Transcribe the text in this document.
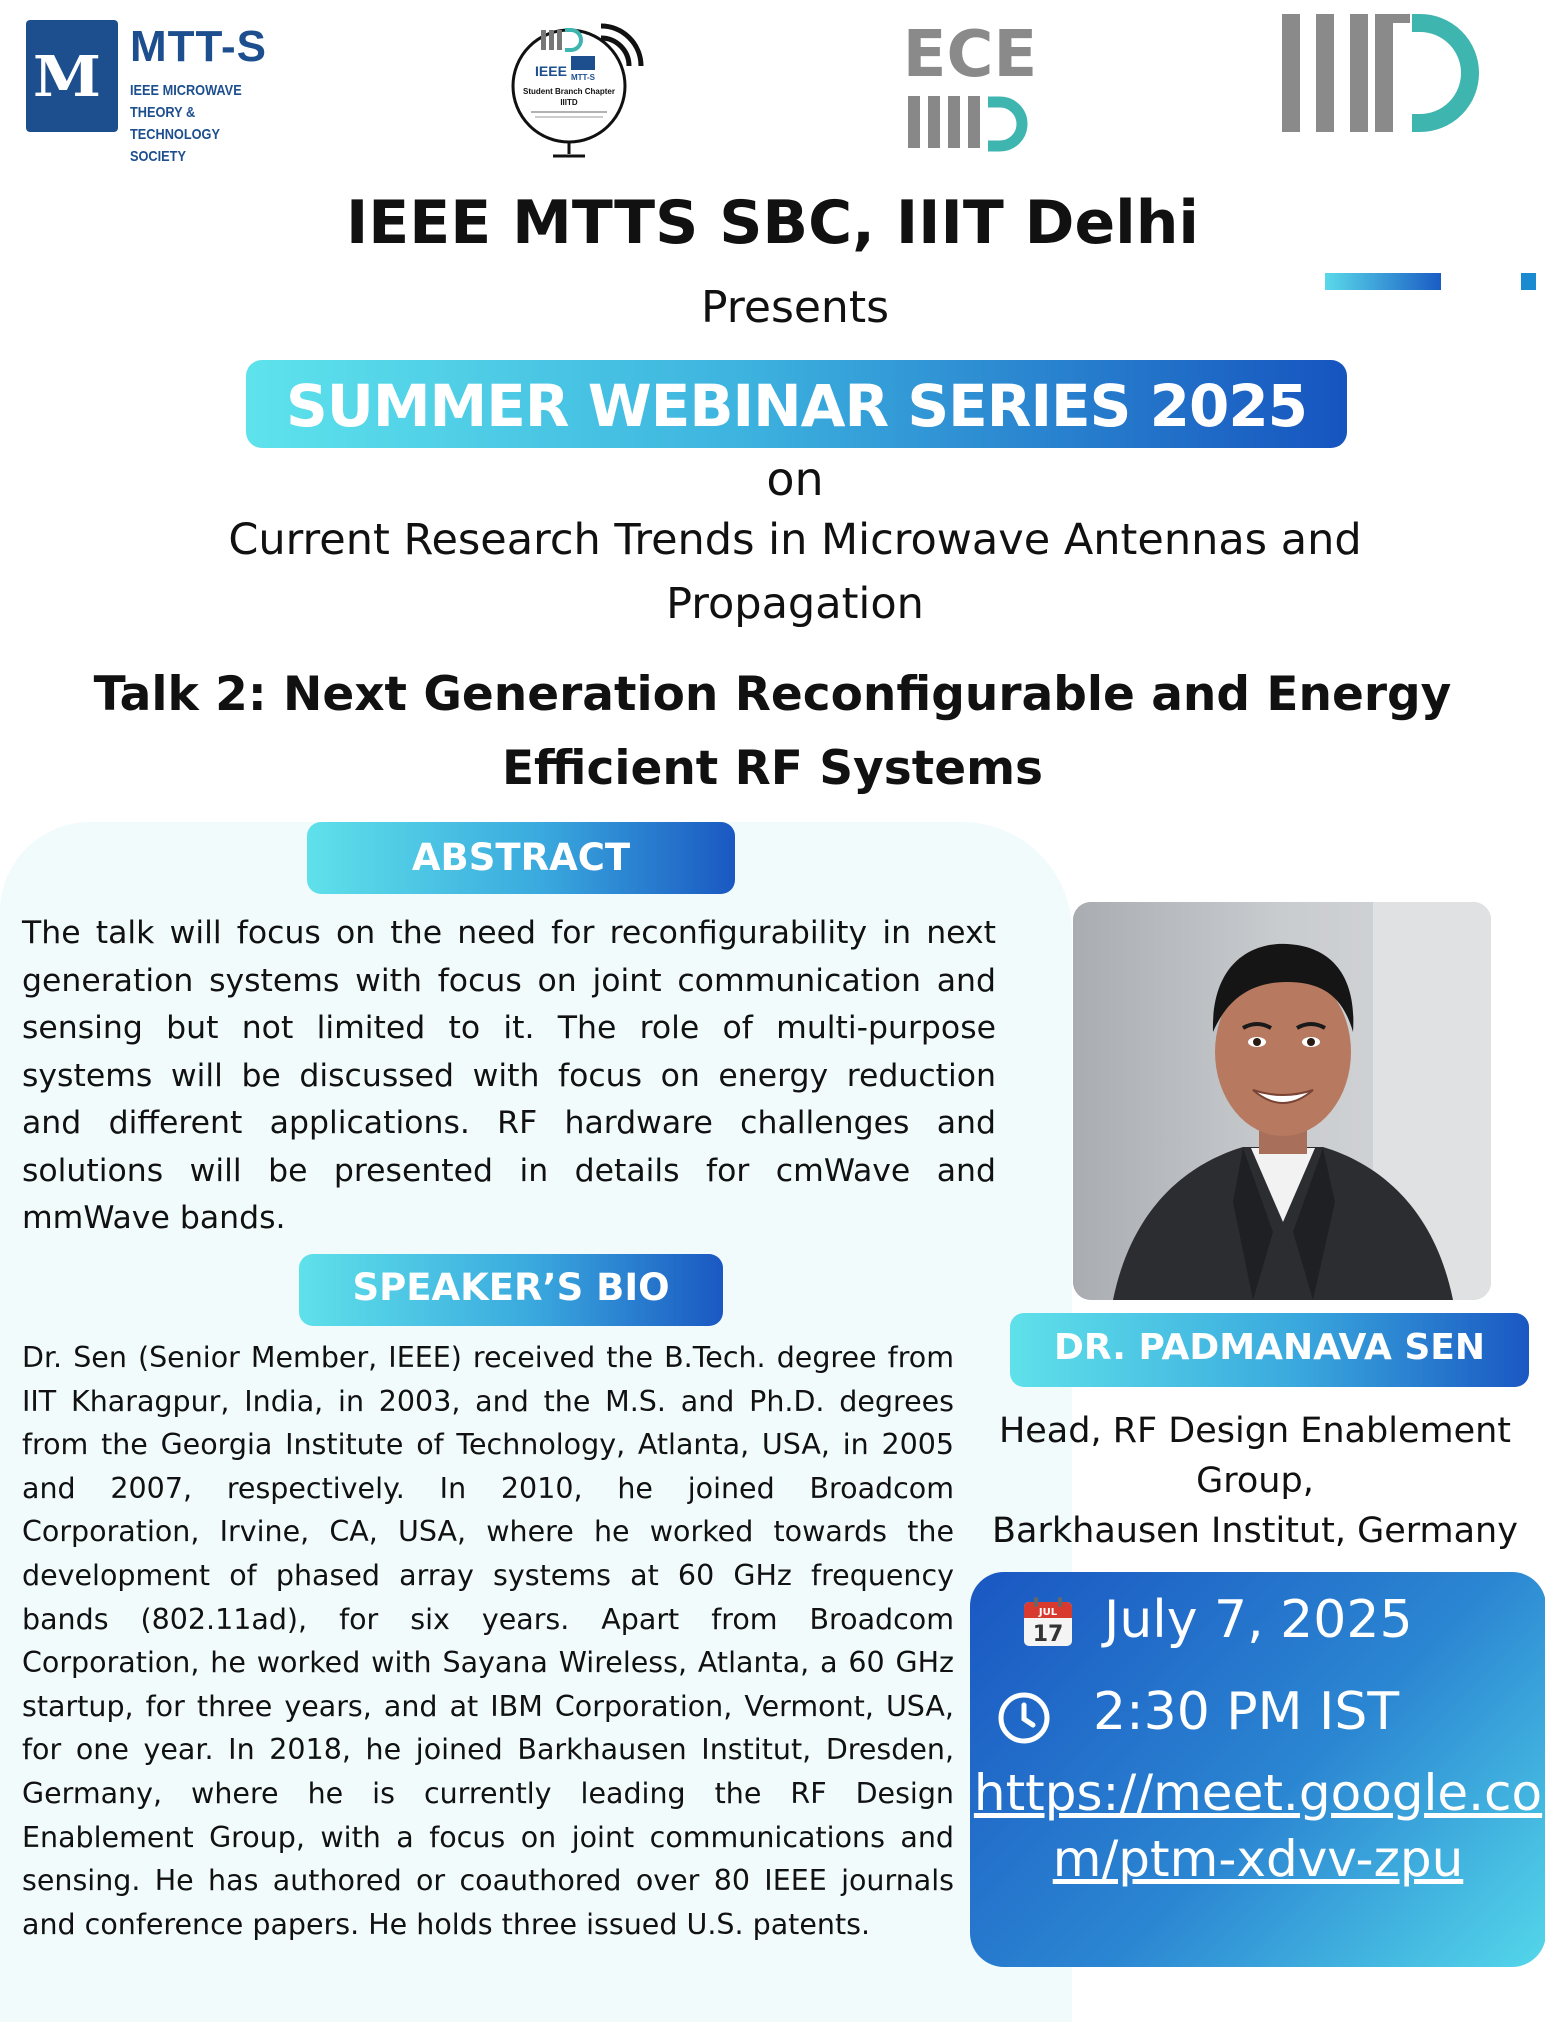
M MTT-S
IEEE MICROWAVE THEORY & TECHNOLOGY SOCIETY
IEEE MTT-S
Student Branch Chapter
IIITD
ECE
IEEE MTTS SBC, IIIT Delhi
Presents
SUMMER WEBINAR SERIES 2025
on
Current Research Trends in Microwave Antennas and Propagation
Talk 2: Next Generation Reconfigurable and Energy Efficient RF Systems
ABSTRACT
The talk will focus on the need for reconfigurability in next generation systems with focus on joint communication and sensing but not limited to it. The role of multi-purpose systems will be discussed with focus on energy reduction and different applications. RF hardware challenges and solutions will be presented in details for cmWave and mmWave bands.
SPEAKER’S BIO
Dr. Sen (Senior Member, IEEE) received the B.Tech. degree from IIT Kharagpur, India, in 2003, and the M.S. and Ph.D. degrees from the Georgia Institute of Technology, Atlanta, USA, in 2005 and 2007, respectively. In 2010, he joined Broadcom Corporation, Irvine, CA, USA, where he worked towards the development of phased array systems at 60 GHz frequency bands (802.11ad), for six years. Apart from Broadcom Corporation, he worked with Sayana Wireless, Atlanta, a 60 GHz startup, for three years, and at IBM Corporation, Vermont, USA, for one year. In 2018, he joined Barkhausen Institut, Dresden, Germany, where he is currently leading the RF Design Enablement Group, with a focus on joint communications and sensing. He has authored or coauthored over 80 IEEE journals and conference papers. He holds three issued U.S. patents.
DR. PADMANAVA SEN
Head, RF Design Enablement
Group,
Barkhausen Institut, Germany
JUL
17 July 7, 2025
2:30 PM IST
https://meet.google.com/ptm-xdvv-zpu
